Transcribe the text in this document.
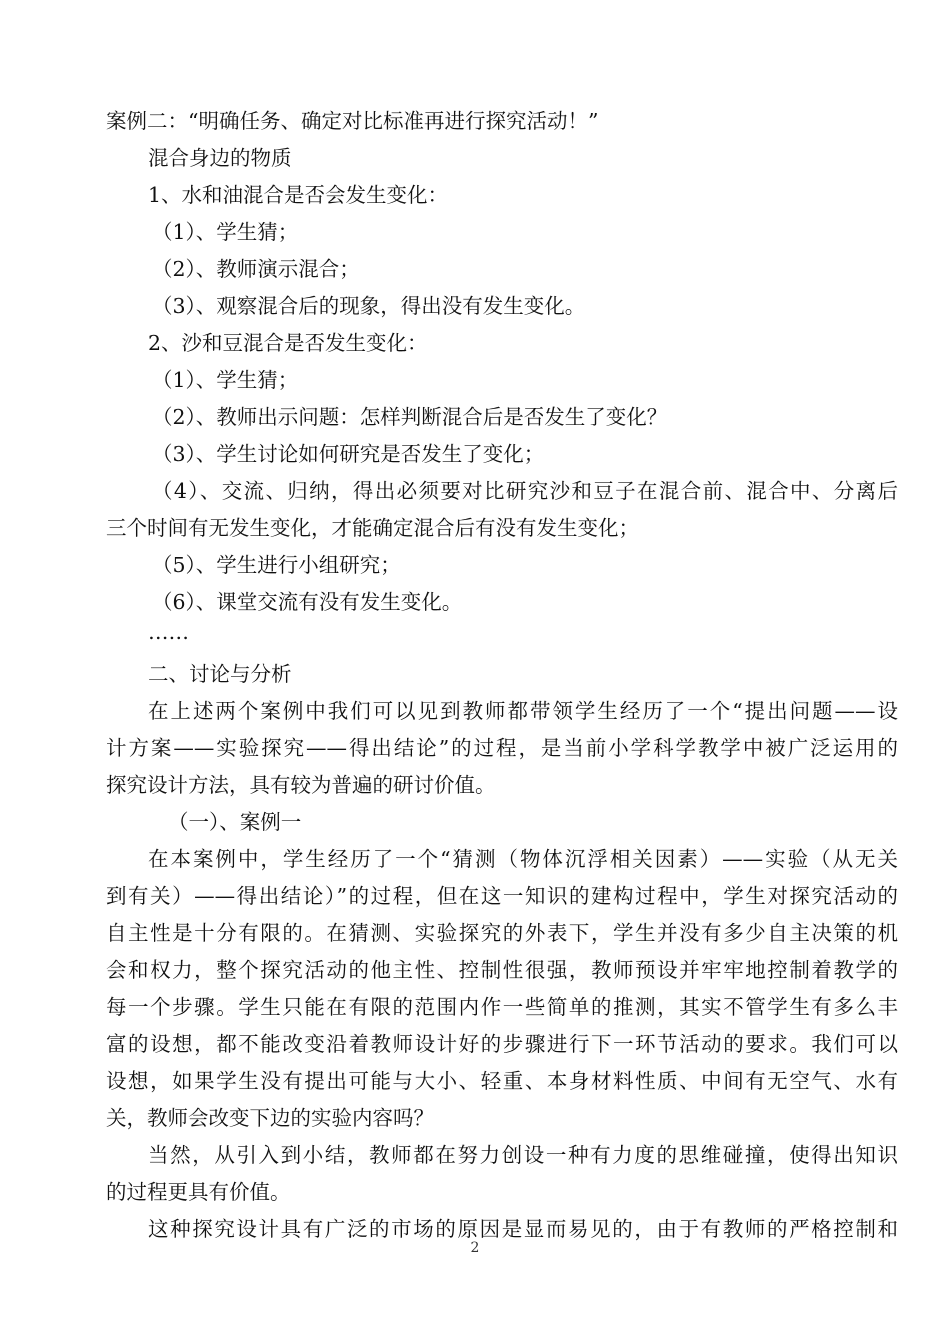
案例二：“明确任务、确定对比标准再进行探究活动！”
混合身边的物质
1、水和油混合是否会发生变化：
（1）、学生猜；
（2）、教师演示混合；
（3）、观察混合后的现象，得出没有发生变化。
2、沙和豆混合是否发生变化：
（1）、学生猜；
（2）、教师出示问题：怎样判断混合后是否发生了变化？
（3）、学生讨论如何研究是否发生了变化；
（4）、交流、归纳，得出必须要对比研究沙和豆子在混合前、混合中、分离后
三个时间有无发生变化，才能确定混合后有没有发生变化；
（5）、学生进行小组研究；
（6）、课堂交流有没有发生变化。
……
二、讨论与分析
在上述两个案例中我们可以见到教师都带领学生经历了一个“提出问题——设
计方案——实验探究——得出结论”的过程，是当前小学科学教学中被广泛运用的
探究设计方法，具有较为普遍的研讨价值。
（一）、案例一
在本案例中，学生经历了一个“猜测（物体沉浮相关因素）——实验（从无关
到有关）——得出结论）”的过程，但在这一知识的建构过程中，学生对探究活动的
自主性是十分有限的。在猜测、实验探究的外表下，学生并没有多少自主决策的机
会和权力，整个探究活动的他主性、控制性很强，教师预设并牢牢地控制着教学的
每一个步骤。学生只能在有限的范围内作一些简单的推测，其实不管学生有多么丰
富的设想，都不能改变沿着教师设计好的步骤进行下一环节活动的要求。我们可以
设想，如果学生没有提出可能与大小、轻重、本身材料性质、中间有无空气、水有
关，教师会改变下边的实验内容吗？
当然，从引入到小结，教师都在努力创设一种有力度的思维碰撞，使得出知识
的过程更具有价值。
这种探究设计具有广泛的市场的原因是显而易见的，由于有教师的严格控制和
2
